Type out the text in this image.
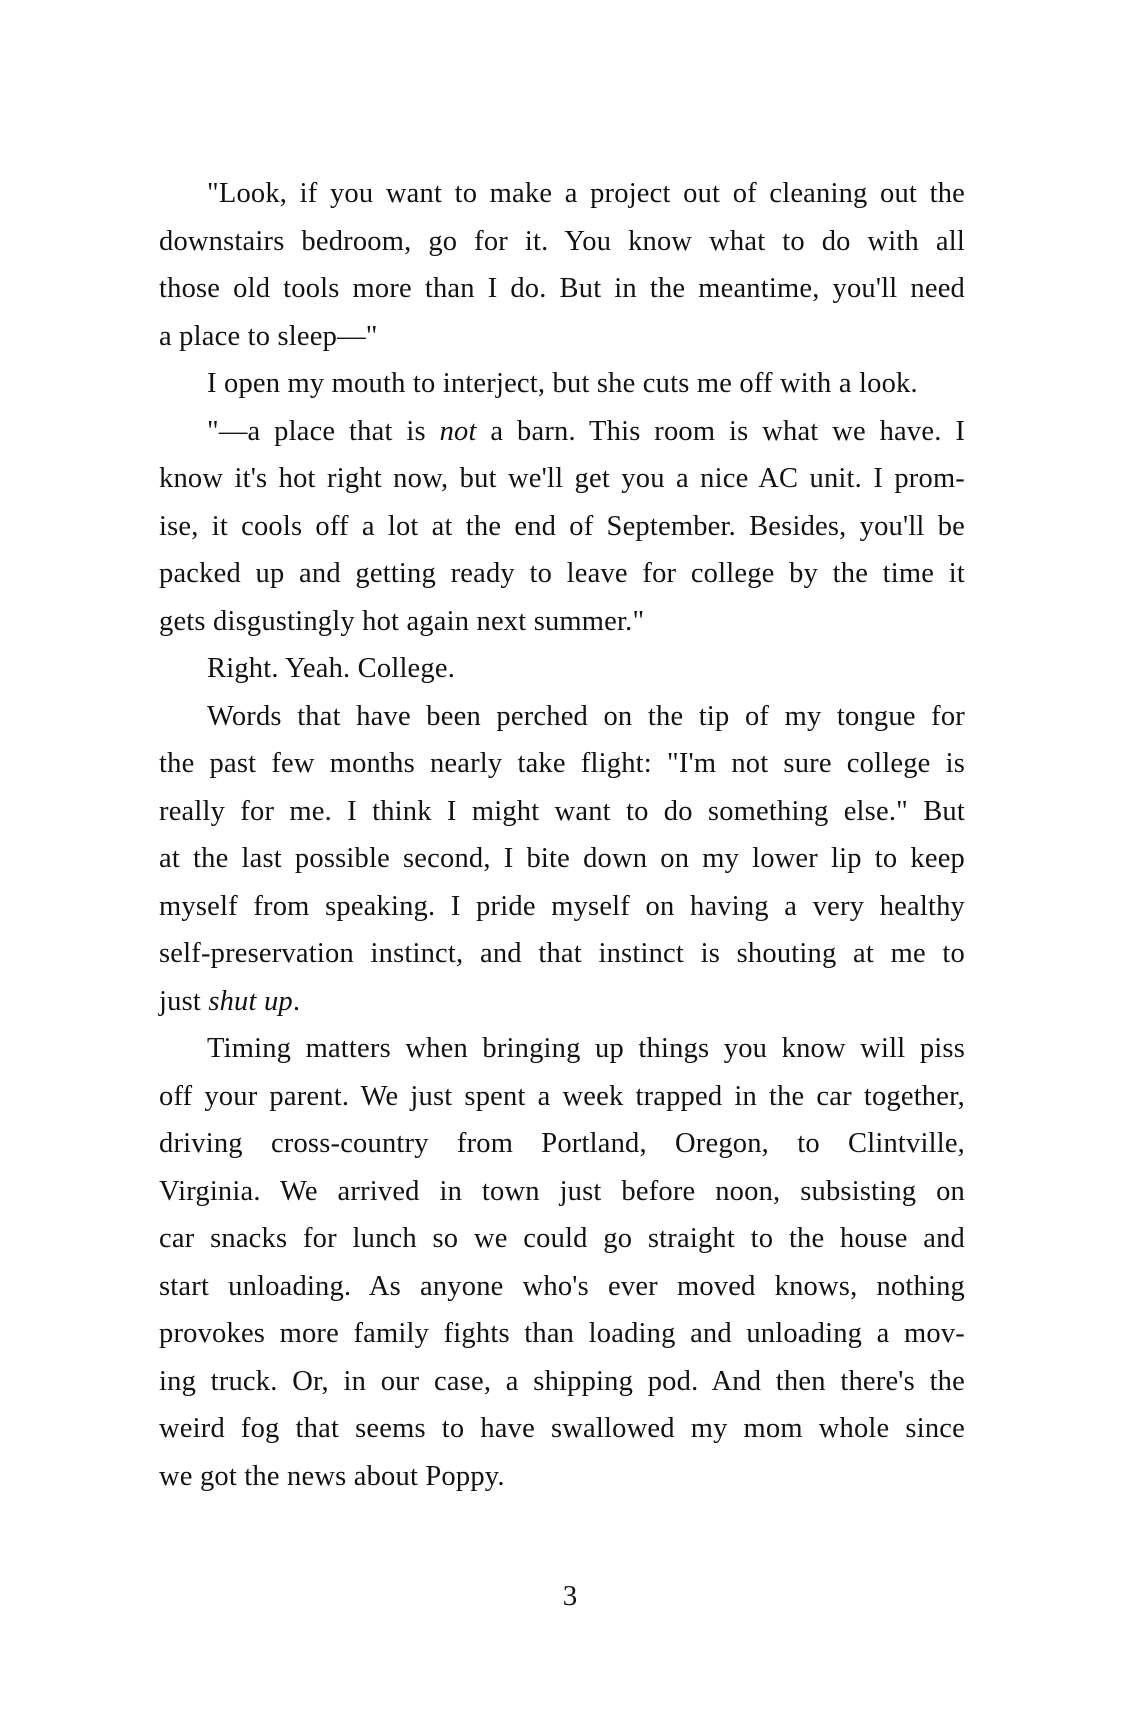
"Look, if you want to make a project out of cleaning out the
downstairs bedroom, go for it. You know what to do with all
those old tools more than I do. But in the meantime, you'll need
a place to sleep—"
I open my mouth to interject, but she cuts me off with a look.
"—a place that is not a barn. This room is what we have. I
know it's hot right now, but we'll get you a nice AC unit. I prom-
ise, it cools off a lot at the end of September. Besides, you'll be
packed up and getting ready to leave for college by the time it
gets disgustingly hot again next summer."
Right. Yeah. College.
Words that have been perched on the tip of my tongue for
the past few months nearly take flight: "I'm not sure college is
really for me. I think I might want to do something else." But
at the last possible second, I bite down on my lower lip to keep
myself from speaking. I pride myself on having a very healthy
self-preservation instinct, and that instinct is shouting at me to
just shut up.
Timing matters when bringing up things you know will piss
off your parent. We just spent a week trapped in the car together,
driving cross-country from Portland, Oregon, to Clintville,
Virginia. We arrived in town just before noon, subsisting on
car snacks for lunch so we could go straight to the house and
start unloading. As anyone who's ever moved knows, nothing
provokes more family fights than loading and unloading a mov-
ing truck. Or, in our case, a shipping pod. And then there's the
weird fog that seems to have swallowed my mom whole since
we got the news about Poppy.
3
